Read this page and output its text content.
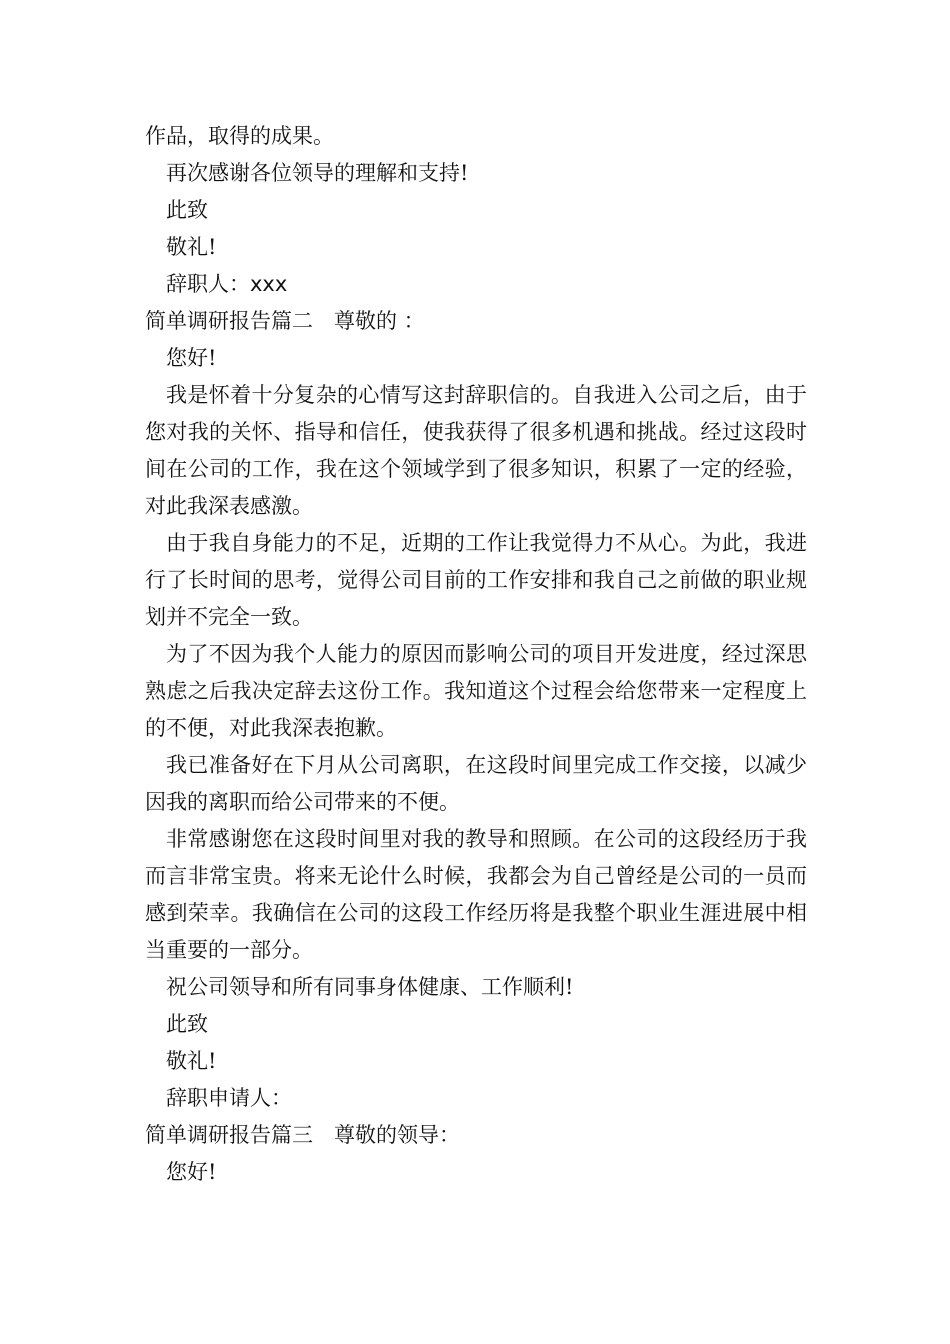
作品，取得的成果。
再次感谢各位领导的理解和支持!
此致
敬礼!
辞职人：xxx
简单调研报告篇二　尊敬的 ：
您好!
我是怀着十分复杂的心情写这封辞职信的。自我进入公司之后，由于您对我的关怀、指导和信任，使我获得了很多机遇和挑战。经过这段时间在公司的工作，我在这个领域学到了很多知识，积累了一定的经验，对此我深表感激。
由于我自身能力的不足，近期的工作让我觉得力不从心。为此，我进行了长时间的思考，觉得公司目前的工作安排和我自己之前做的职业规划并不完全一致。
为了不因为我个人能力的原因而影响公司的项目开发进度，经过深思熟虑之后我决定辞去这份工作。我知道这个过程会给您带来一定程度上的不便，对此我深表抱歉。
我已准备好在下月从公司离职，在这段时间里完成工作交接，以减少因我的离职而给公司带来的不便。
非常感谢您在这段时间里对我的教导和照顾。在公司的这段经历于我而言非常宝贵。将来无论什么时候，我都会为自己曾经是公司的一员而感到荣幸。我确信在公司的这段工作经历将是我整个职业生涯进展中相当重要的一部分。
祝公司领导和所有同事身体健康、工作顺利!
此致
敬礼!
辞职申请人：
简单调研报告篇三　尊敬的领导：
您好!
